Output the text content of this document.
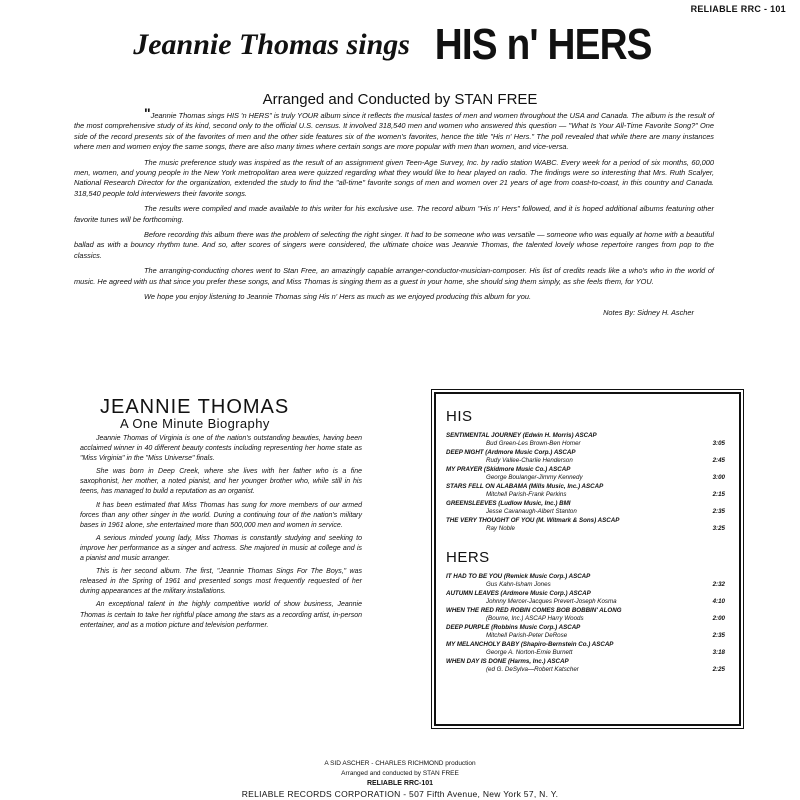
RELIABLE RRC - 101
Jeannie Thomas sings HIS n' HERS
Arranged and Conducted by STAN FREE

"Jeannie Thomas sings HIS 'n HERS" is truly YOUR album since it reflects the musical tastes of men and women throughout the USA and Canada. The album is the result of the most comprehensive study of its kind, second only to the official U.S. census. It involved 318,540 men and women who answered this question — "What Is Your All-Time Favorite Song?" One side of the record presents six of the favorites of men and the other side features six of the women's favorites, hence the title "His n' Hers." The poll revealed that while there are many instances where men and women enjoy the same songs, there are also many times where certain songs are more popular with men than women, and vice-versa.

The music preference study was inspired as the result of an assignment given Teen-Age Survey, Inc. by radio station WABC. Every week for a period of six months, 60,000 men, women, and young people in the New York metropolitan area were quizzed regarding what they would like to hear played on radio. The findings were so interesting that Mrs. Ruth Scalyer, National Research Director for the organization, extended the study to find the "all-time" favorite songs of men and women over 21 years of age from coast-to-coast, in this country and Canada. 318,540 people told interviewers their favorite songs.

The results were compiled and made available to this writer for his exclusive use. The record album "His n' Hers" followed, and it is hoped additional albums featuring other favorite tunes will be forthcoming.

Before recording this album there was the problem of selecting the right singer. It had to be someone who was versatile — someone who was equally at home with a beautiful ballad as with a bouncy rhythm tune. And so, after scores of singers were considered, the ultimate choice was Jeannie Thomas, the talented lovely whose repertoire ranges from pop to the classics.

The arranging-conducting chores went to Stan Free, an amazingly capable arranger-conductor-musician-composer. His list of credits reads like a who's who in the world of music. He agreed with us that since you prefer these songs, and Miss Thomas is singing them as a guest in your home, she should sing them simply, as she feels them, for YOU.

We hope you enjoy listening to Jeannie Thomas sing His n' Hers as much as we enjoyed producing this album for you.

Notes By: Sidney H. Ascher
JEANNIE THOMAS
A One Minute Biography

Jeannie Thomas of Virginia is one of the nation's outstanding beauties, having been acclaimed winner in 40 different beauty contests including representing her home state as "Miss Virginia" in the "Miss Universe" finals.

She was born in Deep Creek, where she lives with her father who is a fine saxophonist, her mother, a noted pianist, and her younger brother who, while still in his teens, has managed to build a reputation as an organist.

It has been estimated that Miss Thomas has sung for more members of our armed forces than any other singer in the world. During a continuing tour of the nation's military bases in 1961 alone, she entertained more than 500,000 men and women in service.

A serious minded young lady, Miss Thomas is constantly studying and seeking to improve her performance as a singer and actress. She majored in music at college and is a pianist and music arranger.

This is her second album. The first, "Jeannie Thomas Sings For The Boys," was released in the Spring of 1961 and presented songs most frequently requested of her during appearances at the military installations.

An exceptional talent in the highly competitive world of show business, Jeannie Thomas is certain to take her rightful place among the stars as a recording artist, in-person entertainer, and as a motion picture and television performer.

HIS
SENTIMENTAL JOURNEY (Edwin H. Morris) ASCAP
Bud Green-Les Brown-Ben Homer	3:05
DEEP NIGHT (Ardmore Music Corp.) ASCAP
Rudy Vallee-Charlie Henderson	2:45
MY PRAYER (Skidmore Music Co.) ASCAP
George Boulanger-Jimmy Kennedy	3:00
STARS FELL ON ALABAMA (Mills Music, Inc.) ASCAP
Mitchell Parish-Frank Perkins	2:15
GREENSLEEVES (Ludlow Music, Inc.) BMI
Jesse Cavanaugh-Albert Stanton	2:35
THE VERY THOUGHT OF YOU (M. Witmark & Sons) ASCAP
Ray Noble	3:25
HERS
IT HAD TO BE YOU (Remick Music Corp.) ASCAP
Gus Kahn-Isham Jones	2:32
AUTUMN LEAVES (Ardmore Music Corp.) ASCAP
Johnny Mercer-Jacques Prevert-Joseph Kosma	4:10
WHEN THE RED RED ROBIN COMES BOB BOBBIN' ALONG
(Bourne, Inc.) ASCAP Harry Woods	2:00
DEEP PURPLE (Robbins Music Corp.) ASCAP
Mitchell Parish-Peter DeRose	2:35
MY MELANCHOLY BABY (Shapiro-Bernstein Co.) ASCAP
George A. Norton-Ernie Burnett	3:18
WHEN DAY IS DONE (Harms, Inc.) ASCAP
(ed G. DeSylva—Robert Katscher	2:25
A SID ASCHER - CHARLES RICHMOND production
Arranged and conducted by STAN FREE
RELIABLE RRC-101
RELIABLE RECORDS CORPORATION - 507 Fifth Avenue, New York 57, N. Y.
